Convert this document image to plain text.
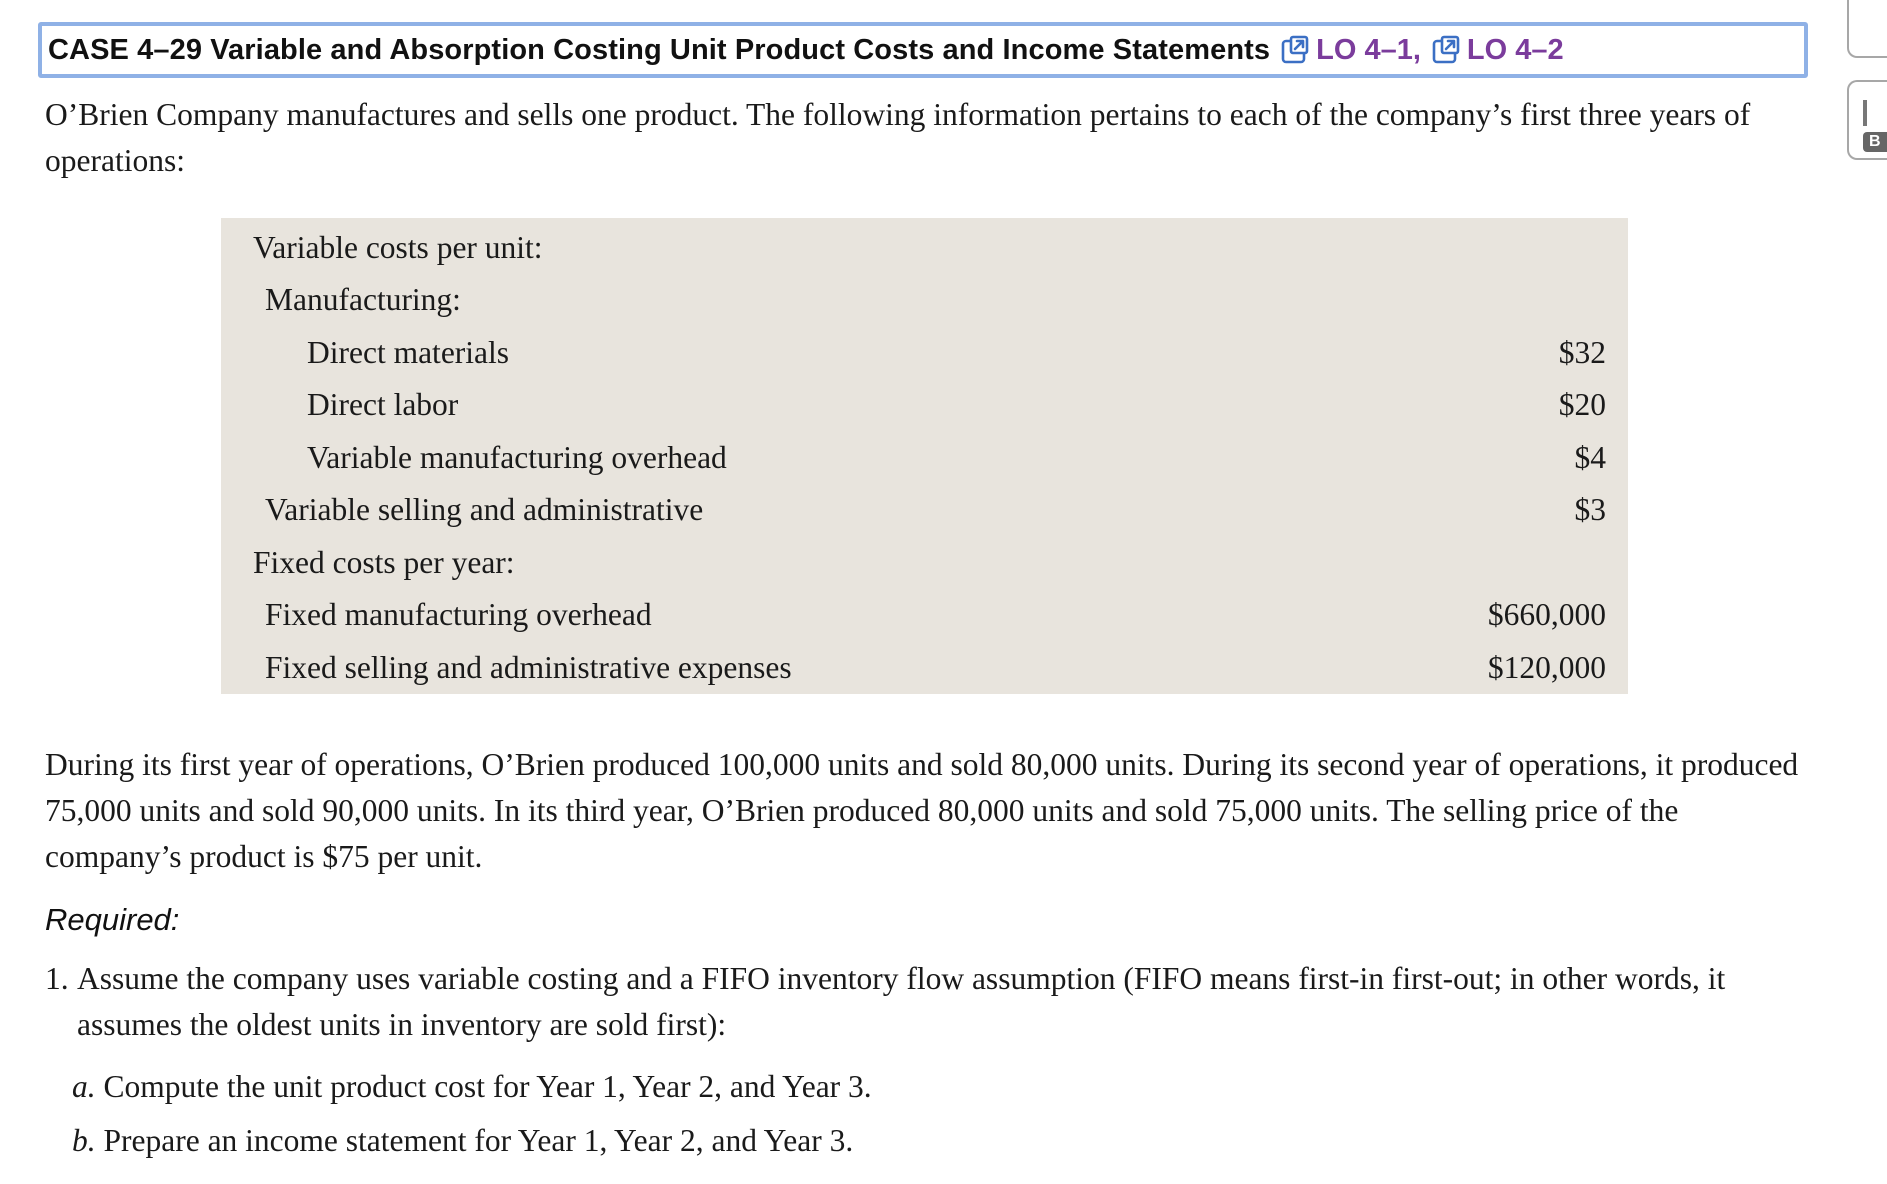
CASE 4–29 Variable and Absorption Costing Unit Product Costs and Income Statements LO 4–1, LO 4–2
B

O’Brien Company manufactures and sells one product. The following information pertains to each of the company’s first three years of operations:

Variable costs per unit:
Manufacturing:
Direct materials	$32
Direct labor	$20
Variable manufacturing overhead	$4
Variable selling and administrative	$3
Fixed costs per year:
Fixed manufacturing overhead	$660,000
Fixed selling and administrative expenses	$120,000

During its first year of operations, O’Brien produced 100,000 units and sold 80,000 units. During its second year of operations, it produced 75,000 units and sold 90,000 units. In its third year, O’Brien produced 80,000 units and sold 75,000 units. The selling price of the company’s product is $75 per unit.

Required:

1. Assume the company uses variable costing and a FIFO inventory flow assumption (FIFO means first-in first-out; in other words, it assumes the oldest units in inventory are sold first):
a. Compute the unit product cost for Year 1, Year 2, and Year 3.
b. Prepare an income statement for Year 1, Year 2, and Year 3.
